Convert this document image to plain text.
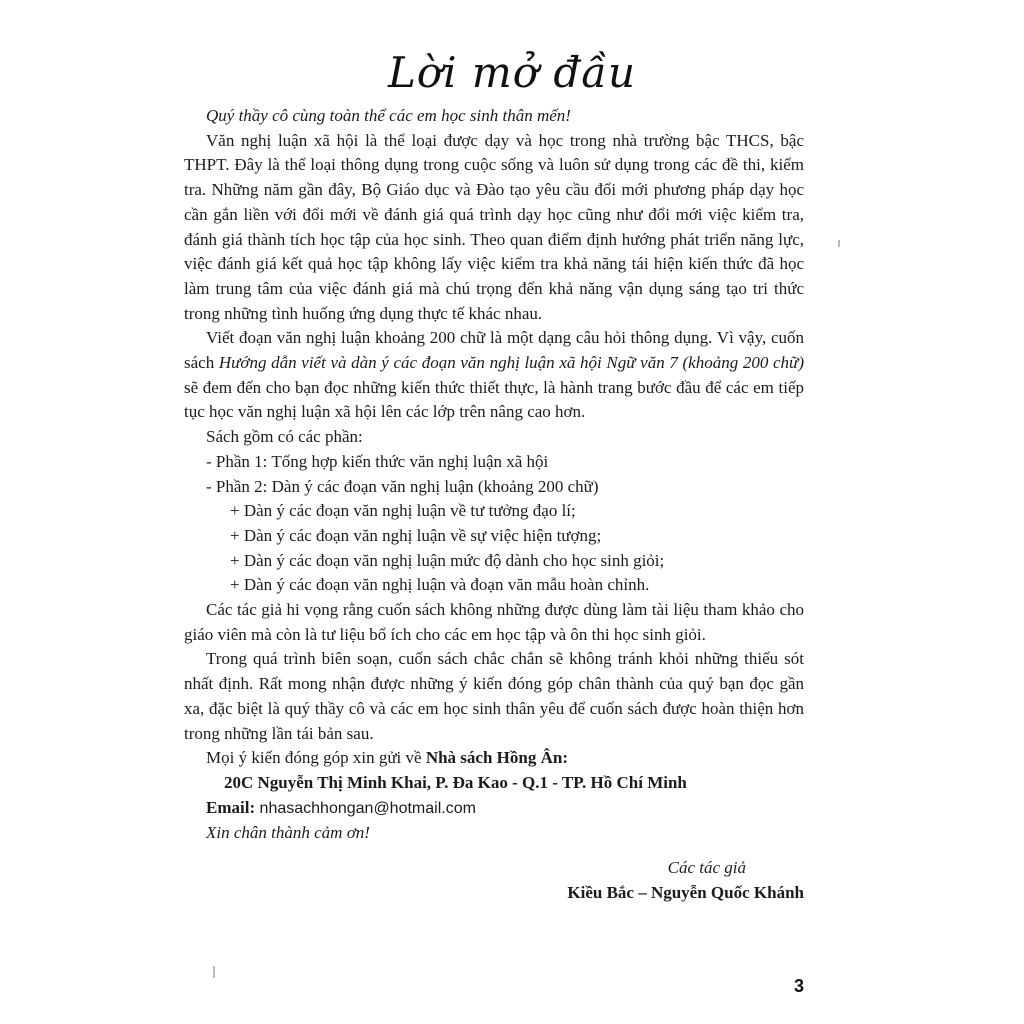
Lời mở đầu

Quý thầy cô cùng toàn thể các em học sinh thân mến!

Văn nghị luận xã hội là thể loại được dạy và học trong nhà trường bậc THCS, bậc THPT. Đây là thể loại thông dụng trong cuộc sống và luôn sử dụng trong các đề thi, kiểm tra. Những năm gần đây, Bộ Giáo dục và Đào tạo yêu cầu đổi mới phương pháp dạy học cần gắn liền với đổi mới về đánh giá quá trình dạy học cũng như đổi mới việc kiểm tra, đánh giá thành tích học tập của học sinh. Theo quan điểm định hướng phát triển năng lực, việc đánh giá kết quả học tập không lấy việc kiểm tra khả năng tái hiện kiến thức đã học làm trung tâm của việc đánh giá mà chú trọng đến khả năng vận dụng sáng tạo tri thức trong những tình huống ứng dụng thực tế khác nhau.

Viết đoạn văn nghị luận khoảng 200 chữ là một dạng câu hỏi thông dụng. Vì vậy, cuốn sách Hướng dẫn viết và dàn ý các đoạn văn nghị luận xã hội Ngữ văn 7 (khoảng 200 chữ) sẽ đem đến cho bạn đọc những kiến thức thiết thực, là hành trang bước đầu để các em tiếp tục học văn nghị luận xã hội lên các lớp trên nâng cao hơn.

Sách gồm có các phần:

- Phần 1: Tổng hợp kiến thức văn nghị luận xã hội

- Phần 2: Dàn ý các đoạn văn nghị luận (khoảng 200 chữ)

+ Dàn ý các đoạn văn nghị luận về tư tưởng đạo lí;

+ Dàn ý các đoạn văn nghị luận về sự việc hiện tượng;

+ Dàn ý các đoạn văn nghị luận mức độ dành cho học sinh giỏi;

+ Dàn ý các đoạn văn nghị luận và đoạn văn mẫu hoàn chỉnh.

Các tác giả hi vọng rằng cuốn sách không những được dùng làm tài liệu tham khảo cho giáo viên mà còn là tư liệu bổ ích cho các em học tập và ôn thi học sinh giỏi.

Trong quá trình biên soạn, cuốn sách chắc chắn sẽ không tránh khỏi những thiếu sót nhất định. Rất mong nhận được những ý kiến đóng góp chân thành của quý bạn đọc gần xa, đặc biệt là quý thầy cô và các em học sinh thân yêu để cuốn sách được hoàn thiện hơn trong những lần tái bản sau.

Mọi ý kiến đóng góp xin gửi về Nhà sách Hồng Ân:

20C Nguyễn Thị Minh Khai, P. Đa Kao - Q.1 - TP. Hồ Chí Minh

Email: nhasachhongan@hotmail.com

Xin chân thành cảm ơn!

Các tác giả

Kiều Bắc – Nguyễn Quốc Khánh

3
